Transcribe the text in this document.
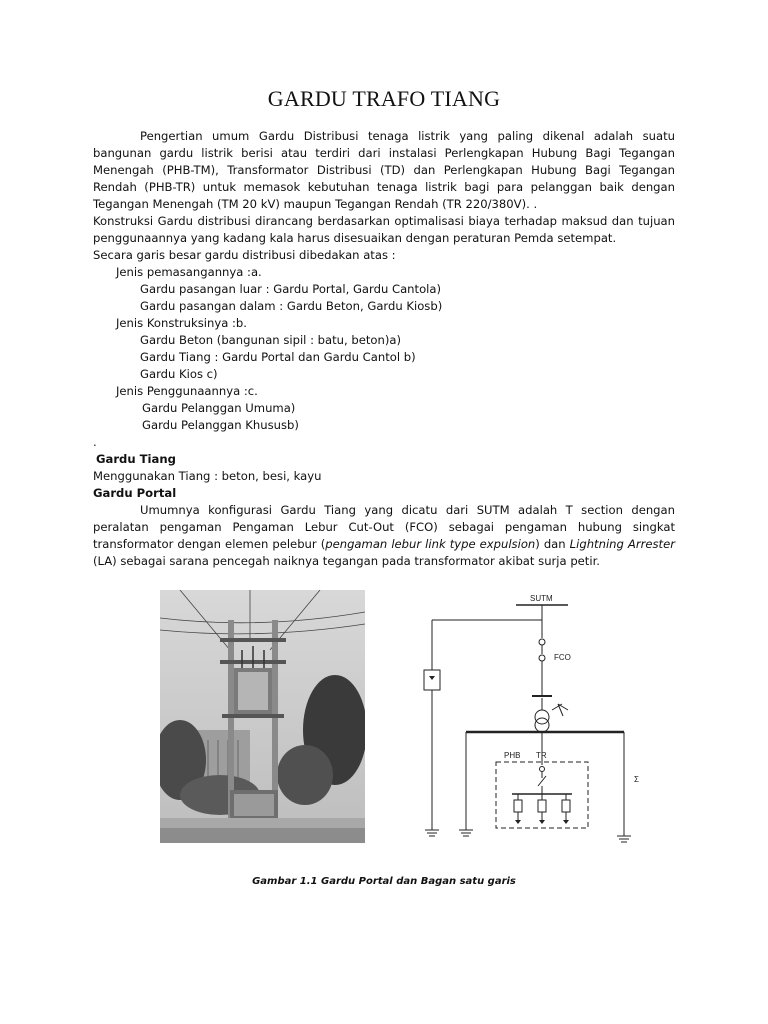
GARDU TRAFO TIANG

Pengertian umum Gardu Distribusi tenaga listrik yang paling dikenal adalah suatu bangunan gardu listrik berisi atau terdiri dari instalasi Perlengkapan Hubung Bagi Tegangan Menengah (PHB-TM), Transformator Distribusi (TD) dan Perlengkapan Hubung Bagi Tegangan Rendah (PHB-TR) untuk memasok kebutuhan tenaga listrik bagi para pelanggan baik dengan Tegangan Menengah (TM 20 kV) maupun Tegangan Rendah (TR 220/380V). .

Konstruksi Gardu distribusi dirancang berdasarkan optimalisasi biaya terhadap maksud dan tujuan penggunaannya yang kadang kala harus disesuaikan dengan peraturan Pemda setempat.

Secara garis besar gardu distribusi dibedakan atas :

Jenis pemasangannya :a.

Gardu pasangan luar : Gardu Portal, Gardu Cantola)

Gardu pasangan dalam : Gardu Beton, Gardu Kiosb)

Jenis Konstruksinya :b.

Gardu Beton (bangunan sipil : batu, beton)a)

Gardu Tiang : Gardu Portal dan Gardu Cantol b)

Gardu Kios c)

Jenis Penggunaannya :c.

Gardu Pelanggan Umuma)

Gardu Pelanggan Khususb)

.

Gardu Tiang

Menggunakan Tiang : beton, besi, kayu

Gardu Portal

Umumnya konfigurasi Gardu Tiang yang dicatu dari SUTM adalah T section dengan peralatan pengaman Pengaman Lebur Cut-Out (FCO) sebagai pengaman hubung singkat transformator dengan elemen pelebur (pengaman lebur link type expulsion) dan Lightning Arrester (LA) sebagai sarana pencegah naiknya tegangan pada transformator akibat surja petir.

SUTM
FCO
PHB TR
Σ
Gambar 1.1 Gardu Portal dan Bagan satu garis
